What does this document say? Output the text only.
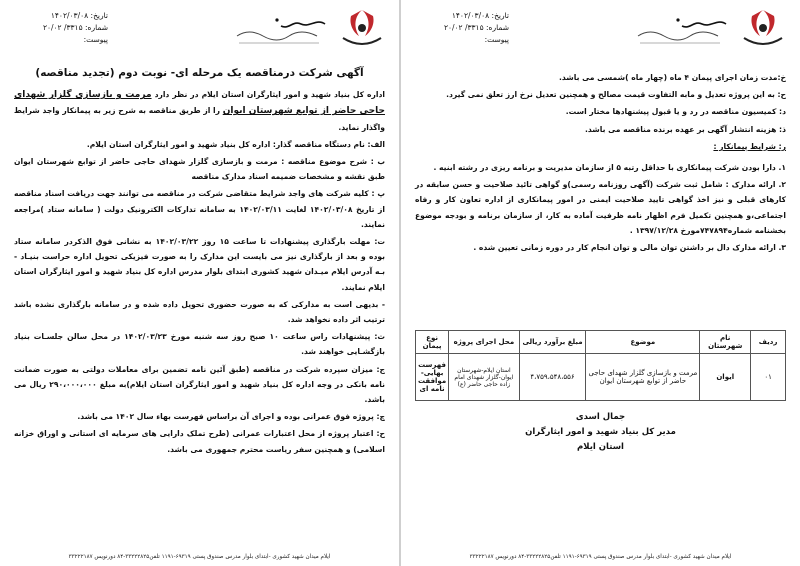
تاریخ: ۱۴۰۲/۰۳/۰۸
شماره: ۳۳۱۵/ ۲۰/۰۲
پیوست:

خ:مدت زمان اجرای پیمان ۴ ماه (چهار ماه )شمسی می باشد.

ح: به این پروژه تعدیل و مابه التفاوت قیمت مصالح و همچنین تعدیل نرخ ارز تعلق نمی گیرد.

د: کمیسیون مناقصه در رد و یا قبول پیشنهادها مختار است.

ذ: هزینه انتشار آگهی بر عهده برنده مناقصه می باشد.

ر: شرایط پیمانکار :

۱. دارا بودن شرکت پیمانکاری با حداقل رتبه ۵ از سازمان مدیریت و برنامه ریزی در رشته ابنیه .

۲. ارائه مدارک : شامل ثبت شرکت (آگهی روزنامه رسمی)و گواهی تائید صلاحیت و حسن سابقه در کارهای قبلی و نیز اخذ گواهی تایید صلاحیت ایمنی در امور پیمانکاری از اداره تعاون کار و رفاه اجتماعی،و همچنین تکمیل فرم اظهار نامه ظرفیت آماده به کار، از سازمان برنامه و بودجه موضوع بخشنامه شماره۷۴۷۸۹۴مورخ ۱۳۹۷/۱۲/۲۸ .

۳. ارائه مدارک دال بر داشتن توان مالی و توان انجام کار در دوره زمانی تعیین شده .

ردیف	نام شهرستان	موضوع	مبلغ برآورد ریالی	محل اجرای پروژه	نوع پیمان
۰۱	ایوان	مرمت و بازسازی گلزار شهدای حاجی حاضر از توابع شهرستان ایوان	۴،۷۵۹،۵۴۸،۵۵۶	استان ایلام-شهرستان ایوان-گلزار شهدای امام زاده حاجی حاضر (ع)	فهرست بهایی-موافقت نامه ای
جمال اسدی
مدیر کل بنیاد شهید و امور ایثارگران
استان ایلام
ایلام میدان شهید کشوری -ابتدای بلوار مدرس صندوق پستی ۶۹۳۱۹-۱۱۹۱ تلفن۳۳۲۲۲۸۲۵-۸۴ دورنویس ۳۳۲۲۲۱۸۷
تاریخ: ۱۴۰۲/۰۳/۰۸
شماره: ۳۳۱۵/ ۲۰/۰۲
پیوست:
آگهی شرکت درمناقصه یک مرحله ای- نوبت دوم (تجدید مناقصه)

اداره کل بنیاد شهید و امور ایثارگران استان ایلام در نظر دارد مرمت و بازسازی گلزار شهدای حاجی حاضر از توابع شهرستان ایوان را از طریق مناقصه به شرح زیر به پیمانکار واجد شرایط واگذار نماید.

الف: نام دستگاه مناقصه گذار: اداره کل بنیاد شهید و امور ایثارگران استان ایلام.

ب : شرح موضوع مناقصه : مرمت و بازسازی گلزار شهدای حاجی حاضر از توابع شهرستان ایوان طبق نقشه و مشخصات ضمیمه اسناد مدارک مناقصه

پ : کلیه شرکت های واجد شرایط متقاضی شرکت در مناقصه می توانند جهت دریافت اسناد مناقصه از تاریخ ۱۴۰۲/۰۳/۰۸ لغایت ۱۴۰۲/۰۳/۱۱ به سامانه تدارکات الکترونیک دولت ( سامانه ستاد )مراجعه نمایند.

ت: مهلت بارگذاری پیشنهادات تا ساعت ۱۵ روز ۱۴۰۲/۰۳/۲۲ به نشانی فوق الذکردر سامانه ستاد بوده و بعد از بارگذاری نیز می بایست این مدارک را به صورت فیزیکی تحویل اداره حراست بنیـاد - بـه آدرس ایلام میـدان شهید کشوری ابتدای بلوار مدرس اداره کل بنیاد شهید و امور ایثارگران استان ایلام نمایند.

- بدیهی است به مدارکی که به صورت حضوری تحویل داده شده و در سامانه بارگذاری نشده باشد ترتیب اثر داده نخواهد شد.

ث: پیشنهادات راس ساعت ۱۰ صبح روز سه شنبه مورخ ۱۴۰۲/۰۳/۲۳ در محل سالن جلسـات بنیاد بازگشـایی خواهند شد.

ج: میزان سپرده شرکت در مناقصه (طبق آئین نامه تضمین برای معاملات دولتی به صورت ضمانت نامه بانکی در وجه اداره کل بنیاد شهید و امور ایثارگران استان ایلام)به مبلغ ۲۹۰،۰۰۰،۰۰۰ ریال می باشد.

چ: پروژه فوق عمرانی بوده و اجرای آن براساس فهرست بهاء سال ۱۴۰۲ می باشد.

ح: اعتبار پروژه از محل اعتبارات عمرانی (طرح تملک دارایی های سرمایه ای استانی و اوراق خزانه اسلامی) و همچنین سفر ریاست محترم جمهوری می باشد.

ایلام میدان شهید کشوری -ابتدای بلوار مدرس صندوق پستی ۶۹۳۱۹-۱۱۹۱ تلفن۳۳۲۲۲۸۲۵-۸۴ دورنویس ۳۳۲۲۲۱۸۷
